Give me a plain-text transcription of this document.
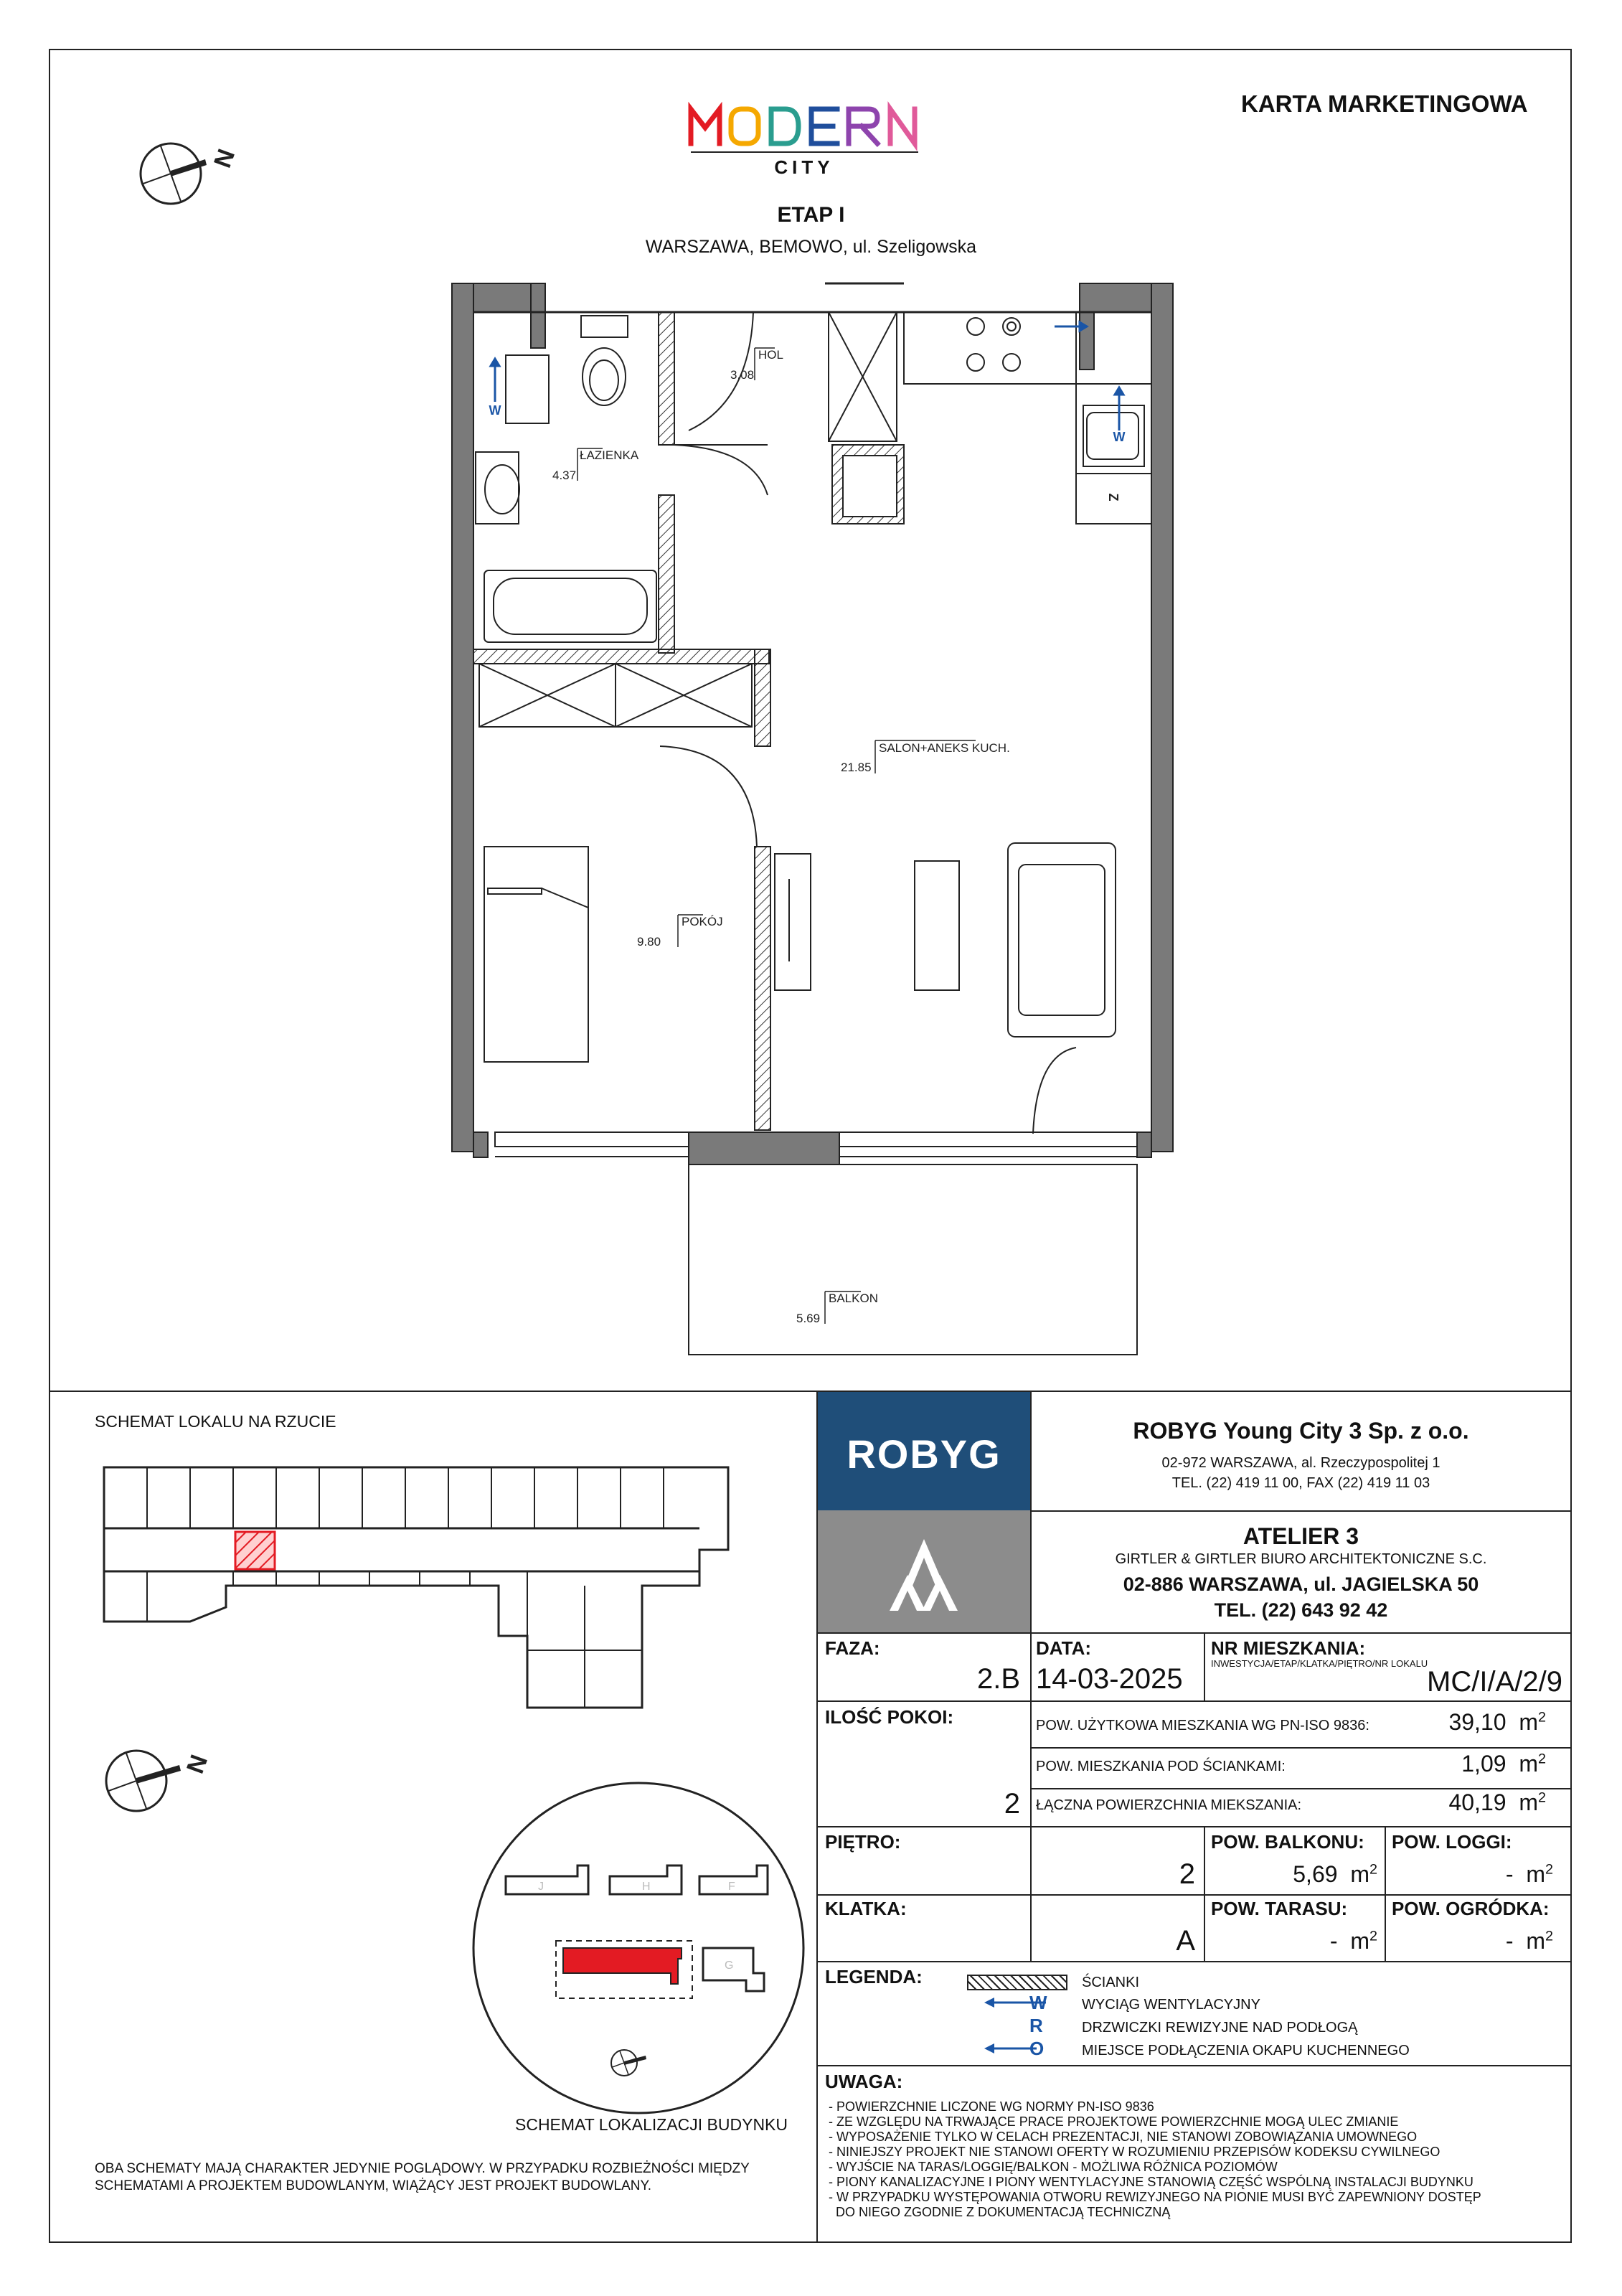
KARTA MARKETINGOWA
CITY
ETAP I
WARSZAWA, BEMOWO, ul. Szeligowska
N
W
W
Z
HOL
3.08
ŁAZIENKA
4.37
SALON+ANEKS KUCH.
21.85
POKÓJ
9.80
BALKON
5.69
SCHEMAT LOKALU NA RZUCIE
N
J	H	F
G
SCHEMAT LOKALIZACJI BUDYNKU
OBA SCHEMATY MAJĄ CHARAKTER JEDYNIE POGLĄDOWY. W PRZYPADKU ROZBIEŻNOŚCI MIĘDZY
SCHEMATAMI A PROJEKTEM BUDOWLANYM, WIĄŻĄCY JEST PROJEKT BUDOWLANY.
ROBYG
ROBYG Young City 3 Sp. z o.o.
02-972 WARSZAWA, al. Rzeczypospolitej 1
TEL. (22) 419 11 00, FAX (22) 419 11 03
ATELIER 3
GIRTLER & GIRTLER BIURO ARCHITEKTONICZNE S.C.
02-886 WARSZAWA, ul. JAGIELSKA 50
TEL. (22) 643 92 42
FAZA:
2.B
DATA:
14-03-2025
NR MIESZKANIA:
INWESTYCJA/ETAP/KLATKA/PIĘTRO/NR LOKALU
MC/I/A/2/9
ILOŚĆ POKOI:
2
POW. UŻYTKOWA MIESZKANIA WG PN-ISO 9836:	39,10 $m^2$
POW. MIESZKANIA POD ŚCIANKAMI:	1,09 $m^2$
ŁĄCZNA POWIERZCHNIA MIEKSZANIA:	40,19 $m^2$
PIĘTRO:
2
POW. BALKONU:
5,69 $m^2$
POW. LOGGI:
- $m^2$
KLATKA:
A
POW. TARASU:
- $m^2$
POW. OGRÓDKA:
- $m^2$
LEGENDA:	ŚCIANKI
W WYCIĄG WENTYLACYJNY
R	DRZWICZKI REWIZYJNE NAD PODŁOGĄ
O	MIEJSCE PODŁĄCZENIA OKAPU KUCHENNEGO
UWAGA:
- POWIERZCHNIE LICZONE WG NORMY PN-ISO 9836
- ZE WZGLĘDU NA TRWAJĄCE PRACE PROJEKTOWE POWIERZCHNIE MOGĄ ULEC ZMIANIE
- WYPOSAŻENIE TYLKO W CELACH PREZENTACJI, NIE STANOWI ZOBOWIĄZANIA UMOWNEGO
- NINIEJSZY PROJEKT NIE STANOWI OFERTY W ROZUMIENIU PRZEPISÓW KODEKSU CYWILNEGO
- WYJŚCIE NA TARAS/LOGGIĘ/BALKON - MOŻLIWA RÓŻNICA POZIOMÓW
- PIONY KANALIZACYJNE I PIONY WENTYLACYJNE STANOWIĄ CZĘŚĆ WSPÓLNĄ INSTALACJI BUDYNKU
- W PRZYPADKU WYSTĘPOWANIA OTWORU REWIZYJNEGO NA PIONIE MUSI BYĆ ZAPEWNIONY DOSTĘP
DO NIEGO ZGODNIE Z DOKUMENTACJĄ TECHNICZNĄ
